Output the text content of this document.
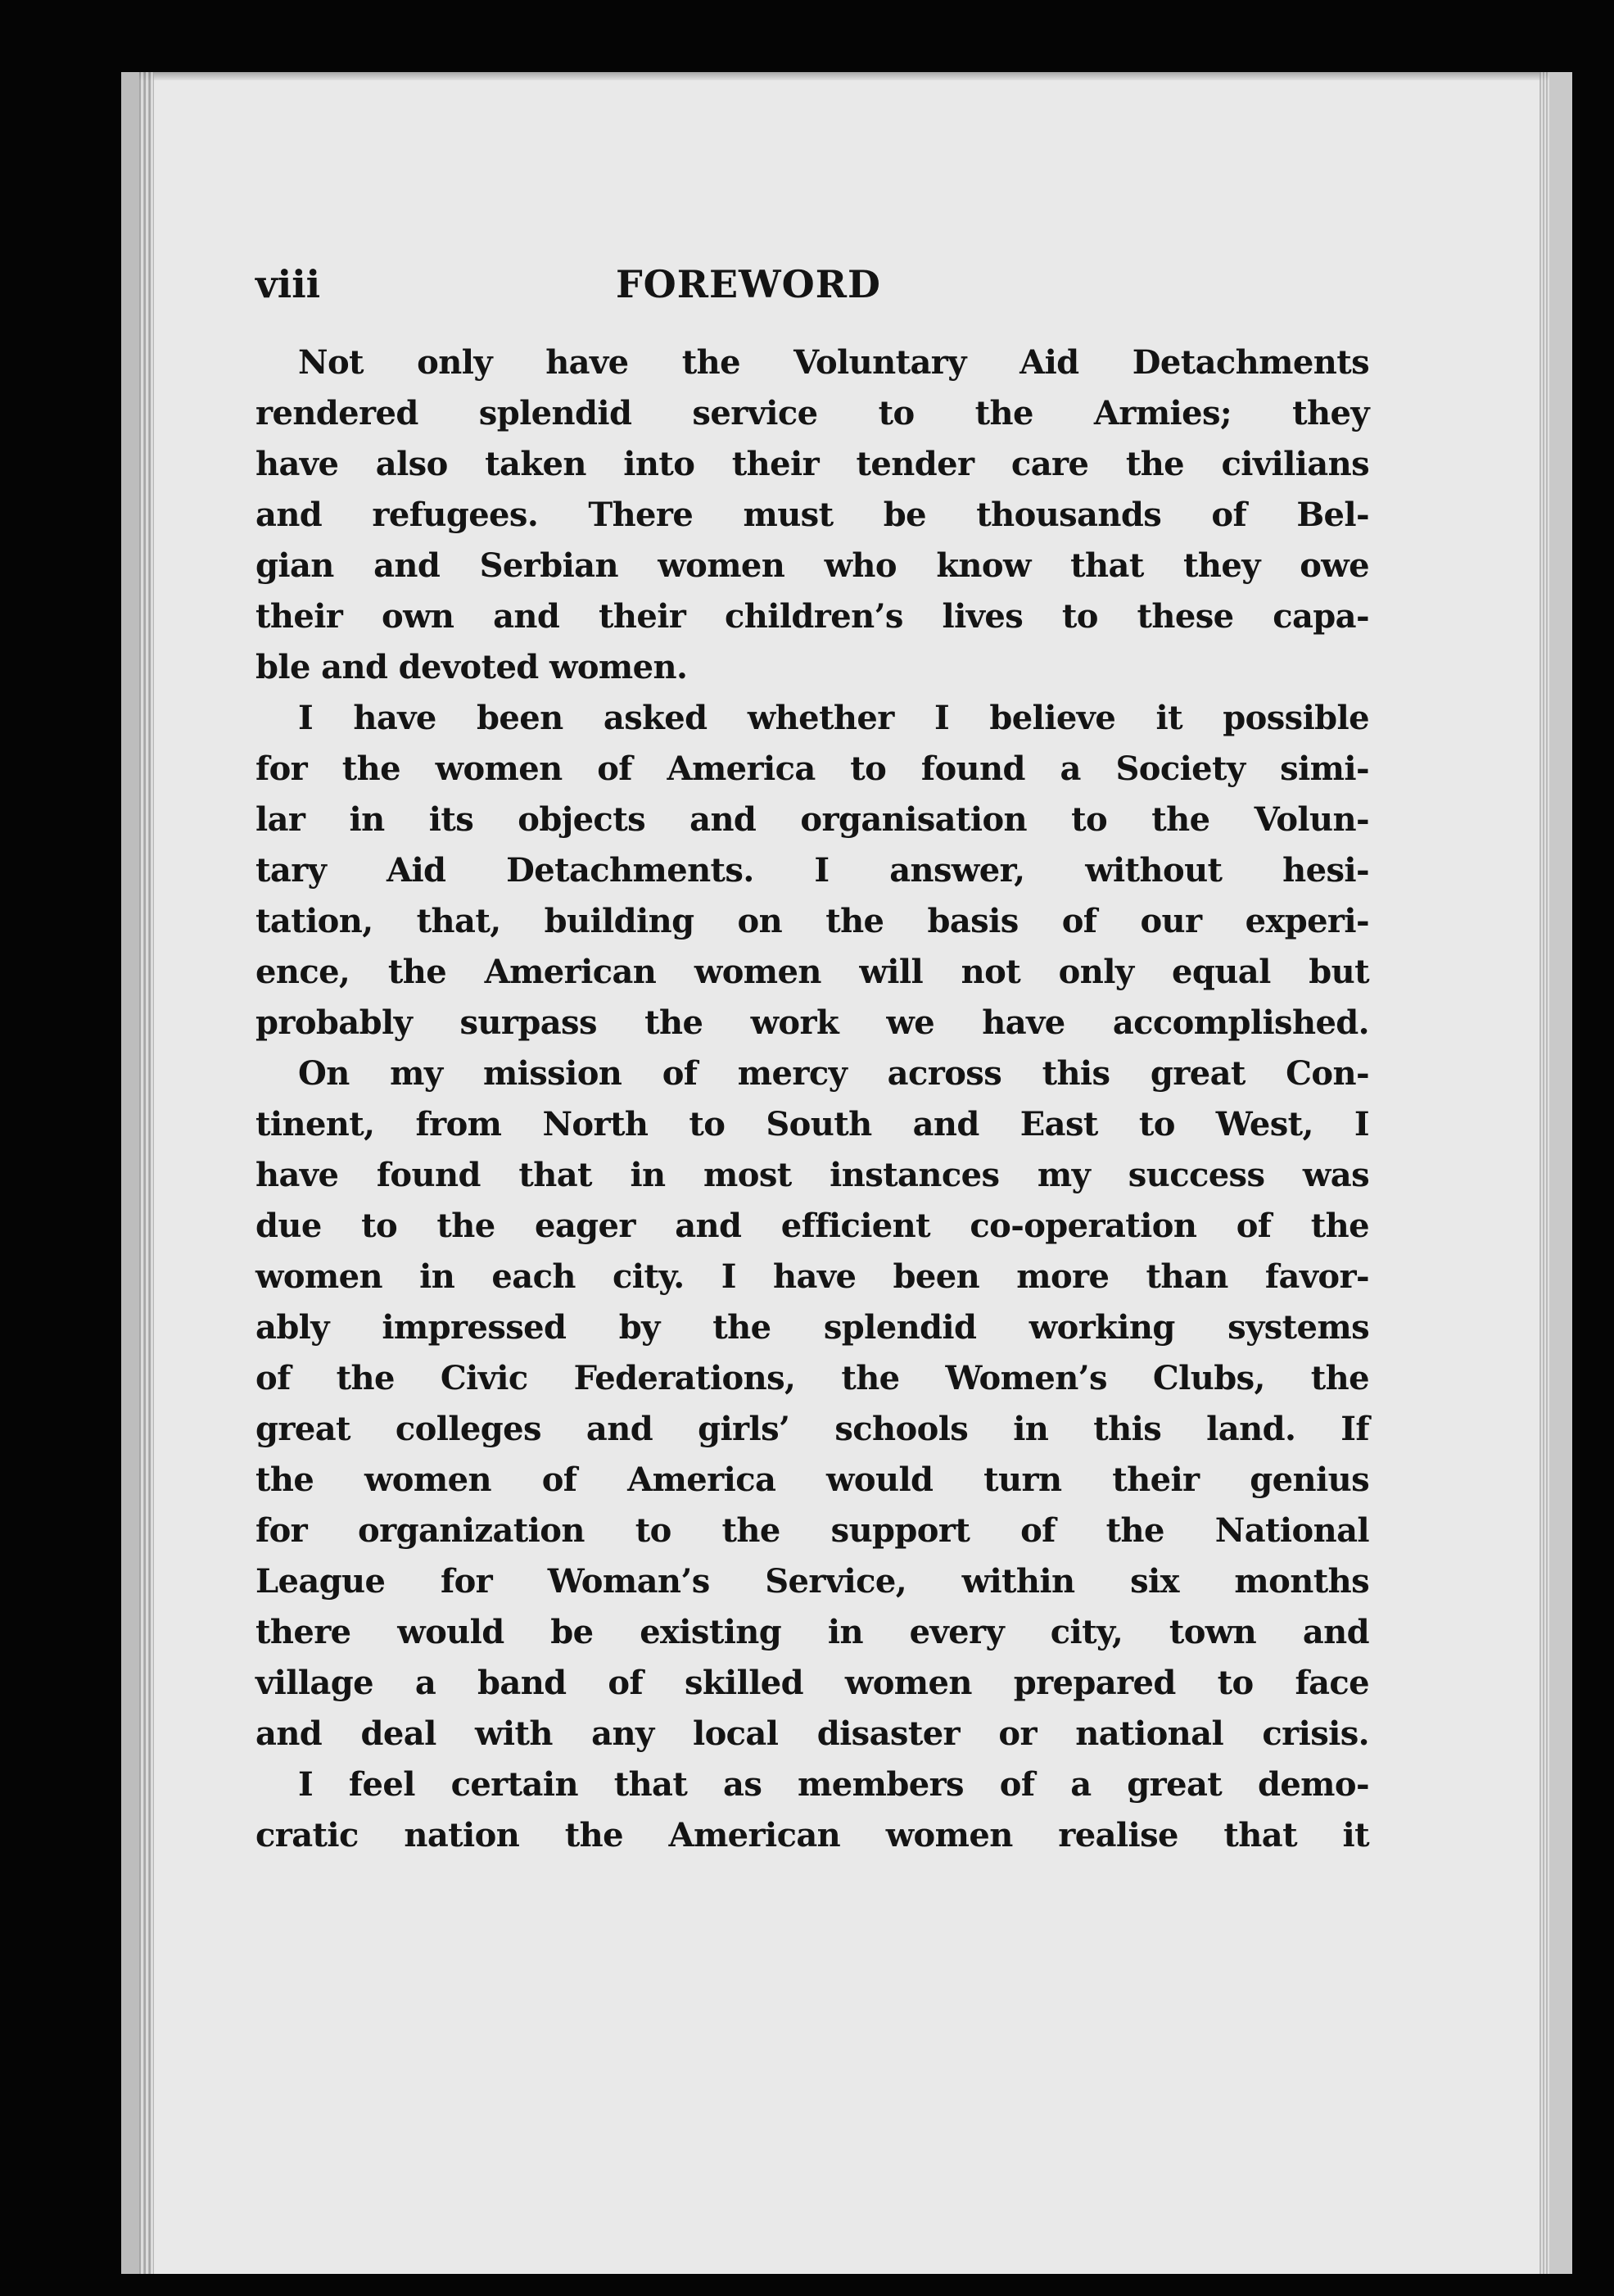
viii	FOREWORD
Not only have the Voluntary Aid Detachments
rendered splendid service to the Armies; they
have also taken into their tender care the civilians
and refugees. There must be thousands of Bel-
gian and Serbian women who know that they owe
their own and their children’s lives to these capa-
ble and devoted women.
I have been asked whether I believe it possible
for the women of America to found a Society simi-
lar in its objects and organisation to the Volun-
tary Aid Detachments. I answer, without hesi-
tation, that, building on the basis of our experi-
ence, the American women will not only equal but
probably surpass the work we have accomplished.
On my mission of mercy across this great Con-
tinent, from North to South and East to West, I
have found that in most instances my success was
due to the eager and efficient co-operation of the
women in each city. I have been more than favor-
ably impressed by the splendid working systems
of the Civic Federations, the Women’s Clubs, the
great colleges and girls’ schools in this land. If
the women of America would turn their genius
for organization to the support of the National
League for Woman’s Service, within six months
there would be existing in every city, town and
village a band of skilled women prepared to face
and deal with any local disaster or national crisis.
I feel certain that as members of a great demo-
cratic nation the American women realise that it
